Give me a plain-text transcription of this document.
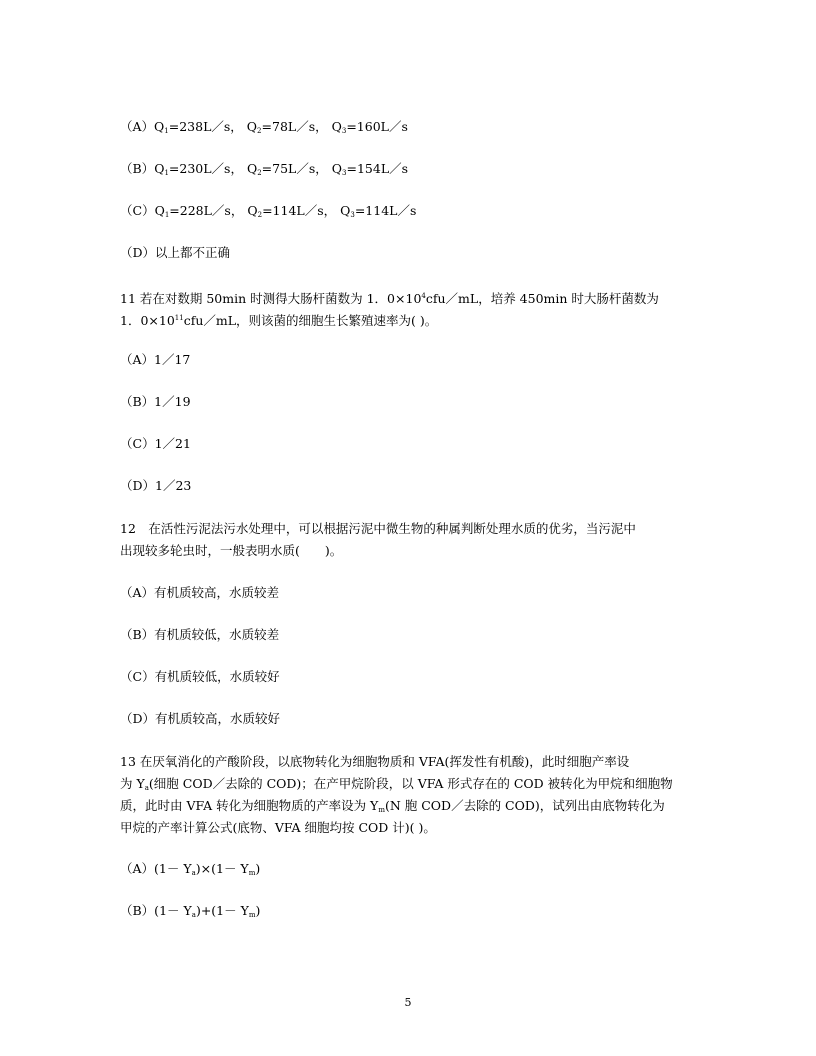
$(A)Q_1=238L/s$， $Q_2=78L/s$， $Q_3=160L/s$
$(B)Q_1=230L/s$， $Q_2=75L/s$， $Q_3=154L/s$
$(C)Q_1=228L/s$， $Q_2=114L/s$， $Q_3=114L/s$
（D）以上都不正确
11 若在对数期 50min 时测得大肠杆菌数为 1．$0\times 10^4cfu/mL$，培养 450min 时大肠杆菌数为
1．$0\times 10^{11}cfu/mL$，则该菌的细胞生长繁殖速率为( )。
（A）1／17
（B）1／19
（C）1／21
（D）1／23
12　在活性污泥法污水处理中，可以根据污泥中微生物的种属判断处理水质的优劣，当污泥中
出现较多轮虫时，一般表明水质(　　)。
（A）有机质较高，水质较差
（B）有机质较低，水质较差
（C）有机质较低，水质较好
（D）有机质较高，水质较好
13 在厌氧消化的产酸阶段，以底物转化为细胞物质和 VFA(挥发性有机酸)，此时细胞产率设
为 $Y_a$(细胞 COD／去除的 COD)；在产甲烷阶段，以 VFA 形式存在的 COD 被转化为甲烷和细胞物
质，此时由 VFA 转化为细胞物质的产率设为 $Y_m(N$ 胞 COD／去除的 COD)，试列出由底物转化为
甲烷的产率计算公式(底物、VFA 细胞均按 COD 计)( )。
$(A)(1- Y_a)\times(1- Y_m)$
$(B)(1- Y_a)+(1- Y_m)$
5
